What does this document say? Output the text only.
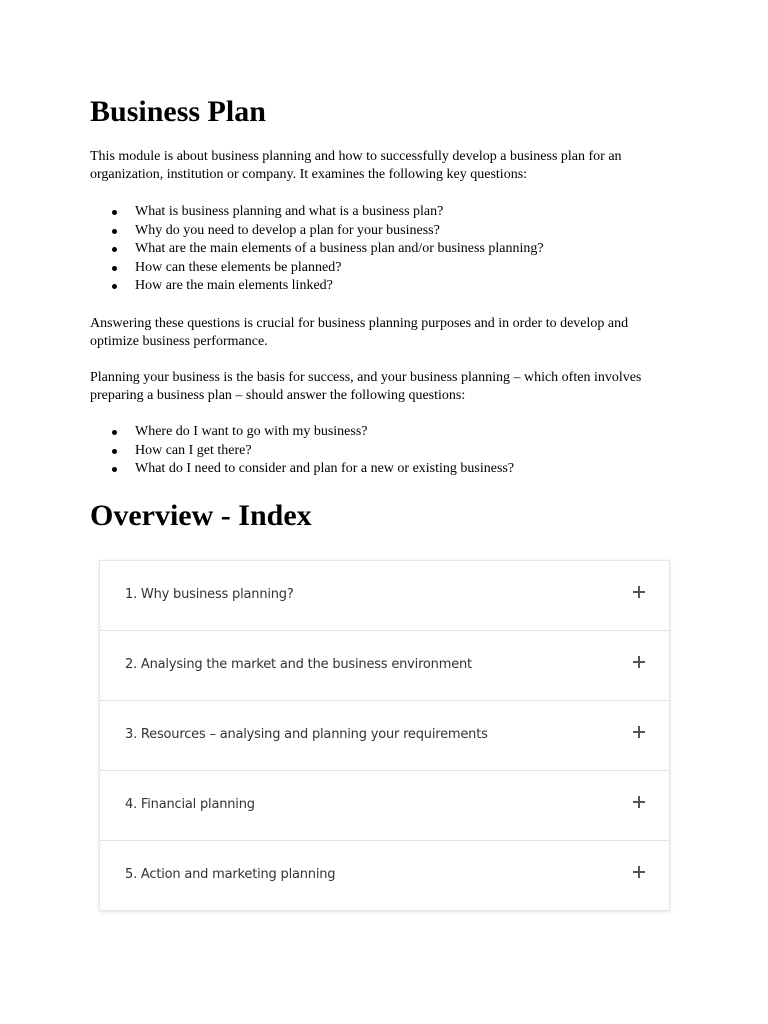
Business Plan

This module is about business planning and how to successfully develop a business plan for an organization, institution or company. It examines the following key questions:

What is business planning and what is a business plan?
Why do you need to develop a plan for your business?
What are the main elements of a business plan and/or business planning?
How can these elements be planned?
How are the main elements linked?

Answering these questions is crucial for business planning purposes and in order to develop and optimize business performance.

Planning your business is the basis for success, and your business planning – which often involves preparing a business plan – should answer the following questions:

Where do I want to go with my business?
How can I get there?
What do I need to consider and plan for a new or existing business?
Overview - Index
1. Why business planning?
2. Analysing the market and the business environment
3. Resources – analysing and planning your requirements
4. Financial planning
5. Action and marketing planning
